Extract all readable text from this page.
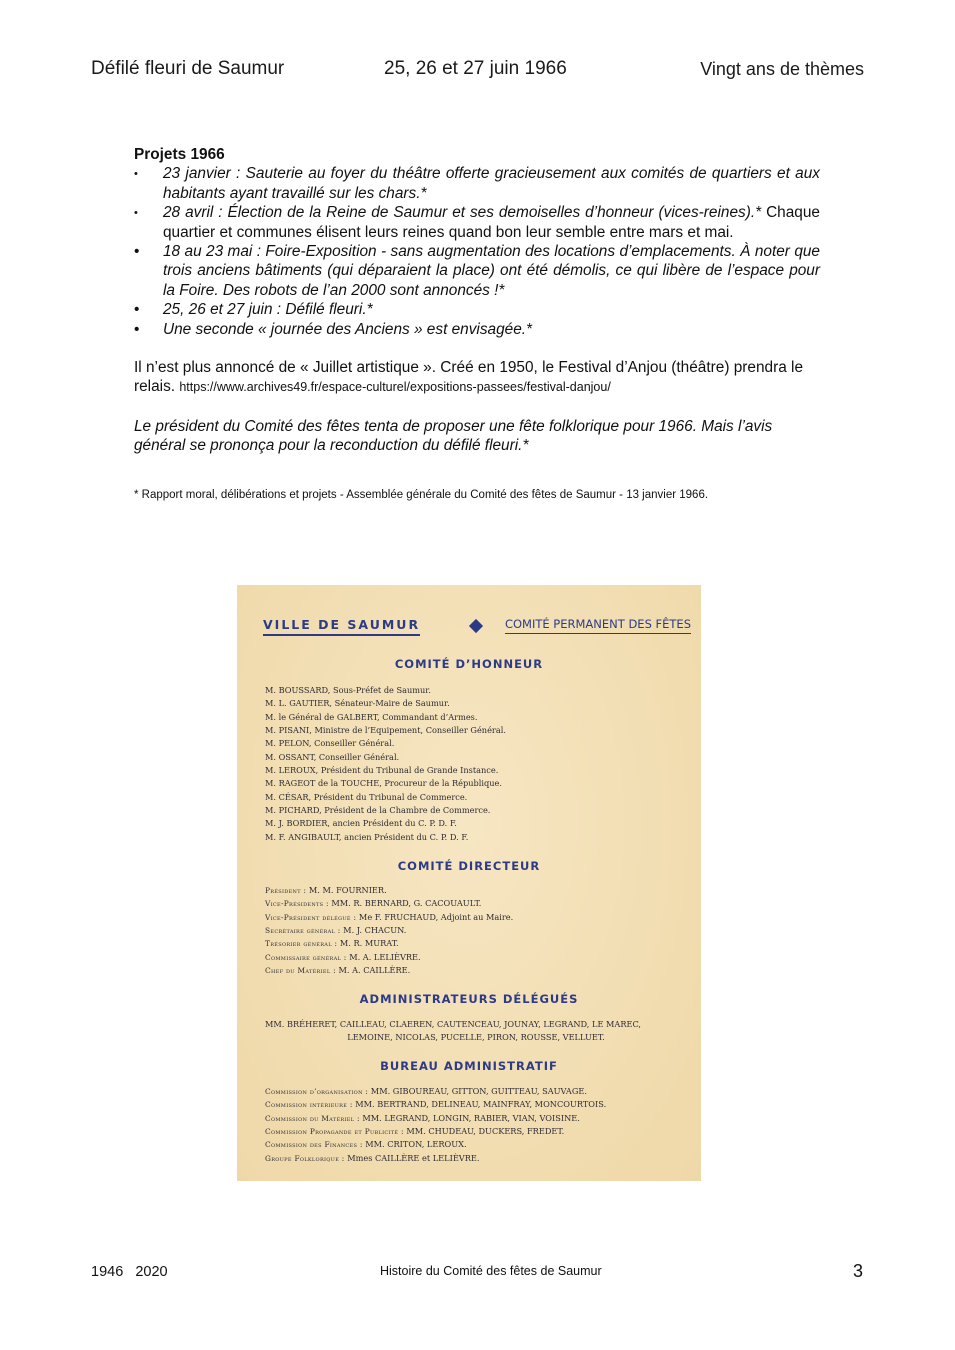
Défilé fleuri de Saumur	25, 26 et 27 juin 1966	Vingt ans de thèmes

Projets 1966

• 23 janvier : Sauterie au foyer du théâtre offerte gracieusement aux comités de quartiers et aux habitants ayant travaillé sur les chars.*
• 28 avril : Élection de la Reine de Saumur et ses demoiselles d’honneur (vices-reines).* Chaque quartier et communes élisent leurs reines quand bon leur semble entre mars et mai.
• 18 au 23 mai : Foire-Exposition - sans augmentation des locations d’emplacements. À noter que trois anciens bâtiments (qui déparaient la place) ont été démolis, ce qui libère de l’espace pour la Foire. Des robots de l’an 2000 sont annoncés !*
• 25, 26 et 27 juin : Défilé fleuri.*
• Une seconde « journée des Anciens » est envisagée.*
Il n’est plus annoncé de « Juillet artistique ». Créé en 1950, le Festival d’Anjou (théâtre) prendra le relais. https://www.archives49.fr/espace-culturel/expositions-passees/festival-danjou/
Le président du Comité des fêtes tenta de proposer une fête folklorique pour 1966. Mais l’avis général se prononça pour la reconduction du défilé fleuri.*
* Rapport moral, délibérations et projets - Assemblée générale du Comité des fêtes de Saumur - 13 janvier 1966.
VILLE DE SAUMUR	COMITÉ PERMANENT DES FÊTES
COMITÉ D’HONNEUR
M. BOUSSARD, Sous-Préfet de Saumur.
M. L. GAUTIER, Sénateur-Maire de Saumur.
M. le Général de GALBERT, Commandant d’Armes.
M. PISANI, Ministre de l’Equipement, Conseiller Général.
M. PELON, Conseiller Général.
M. OSSANT, Conseiller Général.
M. LEROUX, Président du Tribunal de Grande Instance.
M. RAGEOT de la TOUCHE, Procureur de la République.
M. CÉSAR, Président du Tribunal de Commerce.
M. PICHARD, Président de la Chambre de Commerce.
M. J. BORDIER, ancien Président du C. P. D. F.
M. F. ANGIBAULT, ancien Président du C. P. D. F.
COMITÉ DIRECTEUR
Président : M. M. FOURNIER.
Vice-Présidents : MM. R. BERNARD, G. CACOUAULT.
Vice-Président délégué : Me F. FRUCHAUD, Adjoint au Maire.
Secrétaire général : M. J. CHACUN.
Trésorier général : M. R. MURAT.
Commissaire général : M. A. LELIÈVRE.
Chef du Matériel : M. A. CAILLÈRE.
ADMINISTRATEURS DÉLÉGUÉS
MM. BRÉHERET, CAILLEAU, CLAEREN, CAUTENCEAU, JOUNAY, LEGRAND, LE MAREC,
LEMOINE, NICOLAS, PUCELLE, PIRON, ROUSSE, VELLUET.
BUREAU ADMINISTRATIF
Commission d’organisation : MM. GIBOUREAU, GITTON, GUITTEAU, SAUVAGE.
Commission intérieure : MM. BERTRAND, DELINEAU, MAINFRAY, MONCOURTOIS.
Commission du Matériel : MM. LEGRAND, LONGIN, RABIER, VIAN, VOISINE.
Commission Propagande et Publicité : MM. CHUDEAU, DUCKERS, FREDET.
Commission des Finances : MM. CRITON, LEROUX.
Groupe Folklorique : Mmes CAILLÈRE et LELIÈVRE.
1946   2020	Histoire du Comité des fêtes de Saumur	3
